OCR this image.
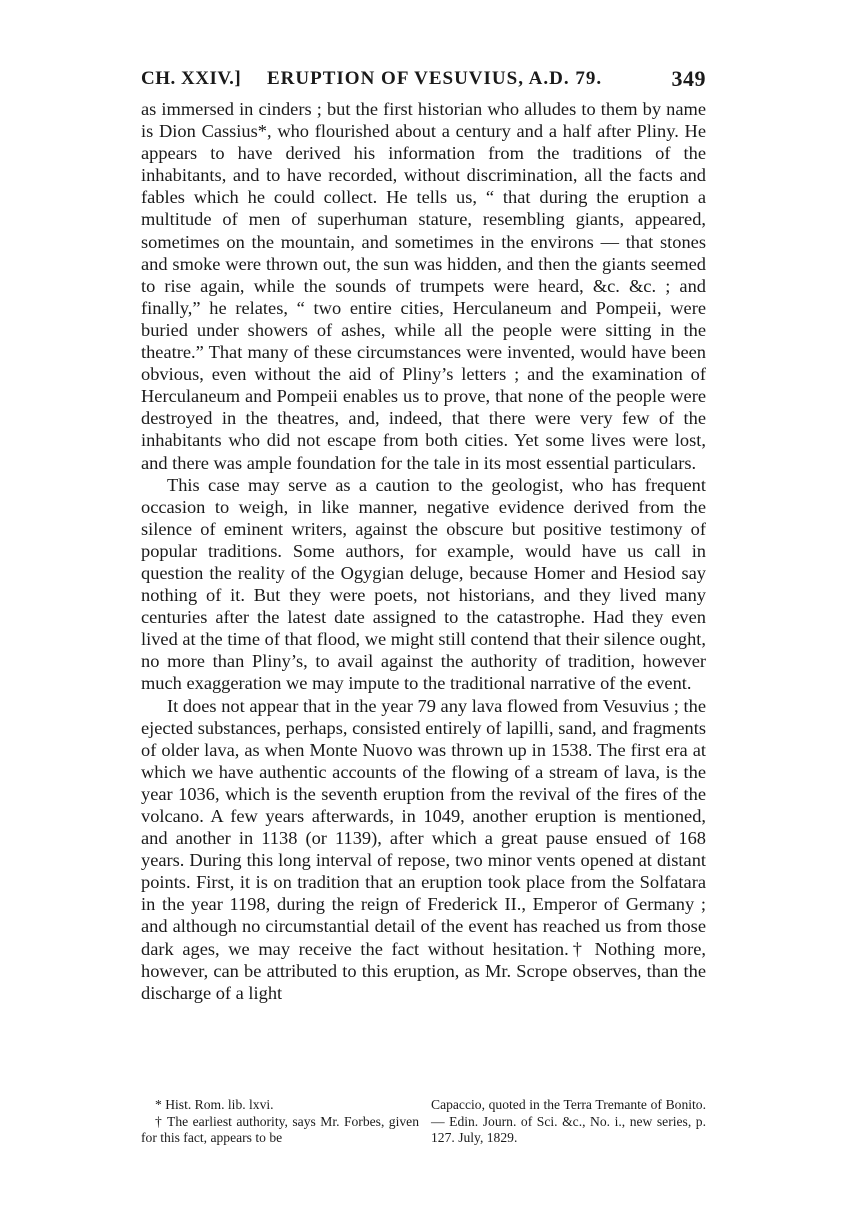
CH. XXIV.] ERUPTION OF VESUVIUS, A.D. 79.	349

as immersed in cinders ; but the first historian who alludes to them by name is Dion Cassius*, who flourished about a century and a half after Pliny. He appears to have derived his information from the traditions of the inhabitants, and to have recorded, without discrimination, all the facts and fables which he could collect. He tells us, “ that during the eruption a multitude of men of superhuman stature, resembling giants, appeared, sometimes on the mountain, and sometimes in the environs — that stones and smoke were thrown out, the sun was hidden, and then the giants seemed to rise again, while the sounds of trumpets were heard, &c. &c. ; and finally,” he relates, “ two entire cities, Herculaneum and Pompeii, were buried under showers of ashes, while all the people were sitting in the theatre.” That many of these circumstances were invented, would have been obvious, even without the aid of Pliny’s letters ; and the examination of Herculaneum and Pompeii enables us to prove, that none of the people were destroyed in the theatres, and, indeed, that there were very few of the inhabitants who did not escape from both cities. Yet some lives were lost, and there was ample foundation for the tale in its most essential particulars.

This case may serve as a caution to the geologist, who has frequent occasion to weigh, in like manner, negative evidence derived from the silence of eminent writers, against the obscure but positive testimony of popular traditions. Some authors, for example, would have us call in question the reality of the Ogygian deluge, because Homer and Hesiod say nothing of it. But they were poets, not historians, and they lived many centuries after the latest date assigned to the catastrophe. Had they even lived at the time of that flood, we might still contend that their silence ought, no more than Pliny’s, to avail against the authority of tradition, however much exaggeration we may impute to the traditional narrative of the event.

It does not appear that in the year 79 any lava flowed from Vesuvius ; the ejected substances, perhaps, consisted entirely of lapilli, sand, and fragments of older lava, as when Monte Nuovo was thrown up in 1538. The first era at which we have authentic accounts of the flowing of a stream of lava, is the year 1036, which is the seventh eruption from the revival of the fires of the volcano. A few years afterwards, in 1049, another eruption is mentioned, and another in 1138 (or 1139), after which a great pause ensued of 168 years. During this long interval of repose, two minor vents opened at distant points. First, it is on tradition that an eruption took place from the Solfatara in the year 1198, during the reign of Frederick II., Emperor of Germany ; and although no circumstantial detail of the event has reached us from those dark ages, we may receive the fact without hesitation.† Nothing more, however, can be attributed to this eruption, as Mr. Scrope observes, than the discharge of a light

* Hist. Rom. lib. lxvi.

† The earliest authority, says Mr. Forbes, given for this fact, appears to be

Capaccio, quoted in the Terra Tremante of Bonito. — Edin. Journ. of Sci. &c., No. i., new series, p. 127. July, 1829.
